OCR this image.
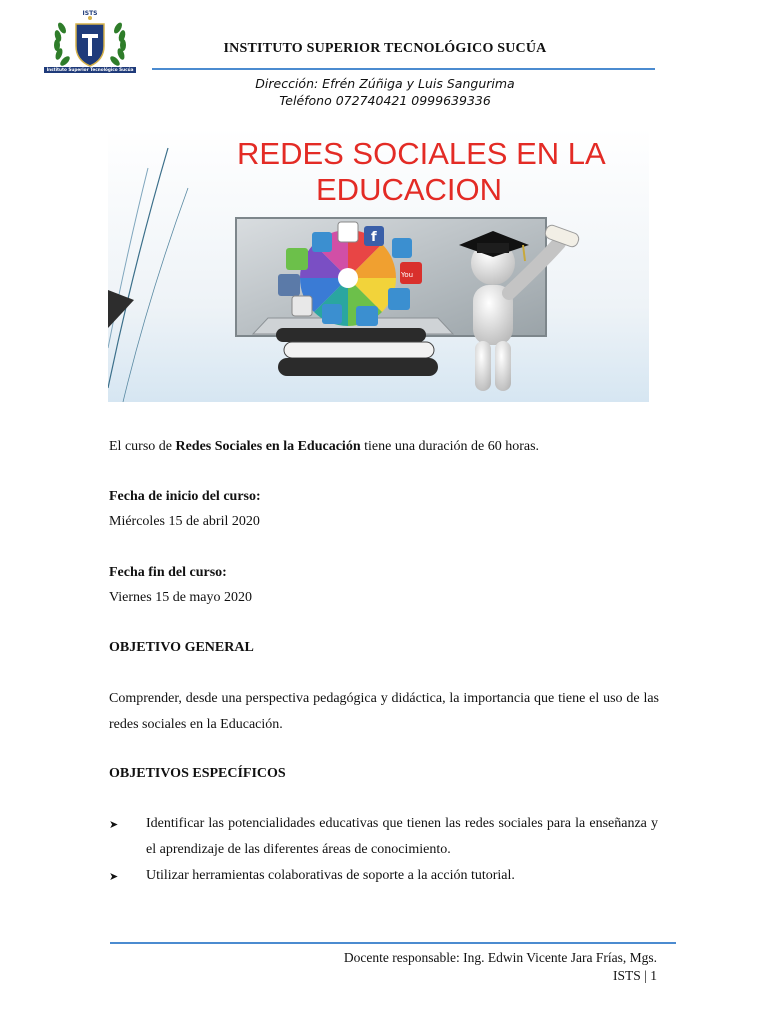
ISTS
Instituto Superior Tecnológico Sucúa
INSTITUTO SUPERIOR TECNOLÓGICO SUCÚA
Dirección: Efrén Zúñiga y Luis Sangurima
Teléfono 072740421 0999639336
f
You
REDES SOCIALES EN LA
EDUCACION
El curso de Redes Sociales en la Educación tiene una duración de 60 horas.
Fecha de inicio del curso:
Miércoles 15 de abril 2020
Fecha fin del curso:
Viernes 15 de mayo 2020
OBJETIVO GENERAL
Comprender, desde una perspectiva pedagógica y didáctica, la importancia que tiene el uso de las redes sociales en la Educación.
OBJETIVOS ESPECÍFICOS
➤ Identificar las potencialidades educativas que tienen las redes sociales para la enseñanza y el aprendizaje de las diferentes áreas de conocimiento.
➤ Utilizar herramientas colaborativas de soporte a la acción tutorial.
Docente responsable: Ing. Edwin Vicente Jara Frías, Mgs.
ISTS | 1
